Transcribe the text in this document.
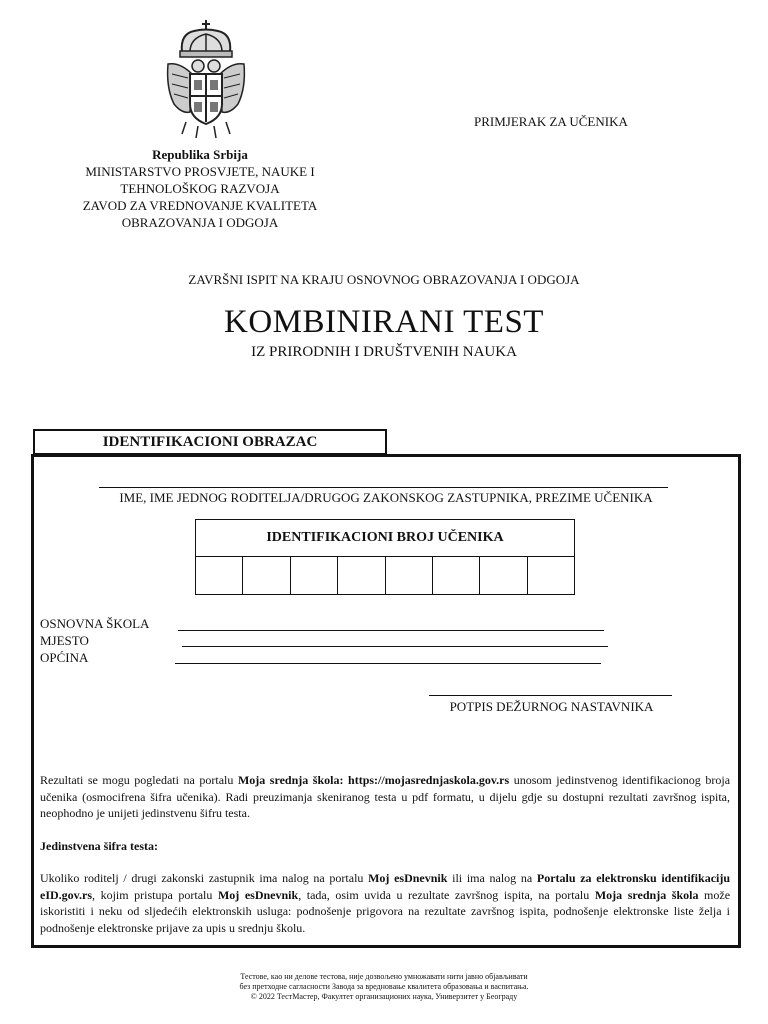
Republika Srbija
MINISTARSTVO PROSVJETE, NAUKE I
TEHNOLOŠKOG RAZVOJA
ZAVOD ZA VREDNOVANJE KVALITETA
OBRAZOVANJA I ODGOJA
PRIMJERAK ZA UČENIKA
ZAVRŠNI ISPIT NA KRAJU OSNOVNOG OBRAZOVANJA I ODGOJA
KOMBINIRANI TEST
IZ PRIRODNIH I DRUŠTVENIH NAUKA
IDENTIFIKACIONI OBRAZAC
IME, IME JEDNOG RODITELJA/DRUGOG ZAKONSKOG ZASTUPNIKA, PREZIME UČENIKA
IDENTIFIKACIONI BROJ UČENIKA
OSNOVNA ŠKOLA
MJESTO
OPĆINA
POTPIS DEŽURNOG NASTAVNIKA
Rezultati se mogu pogledati na portalu Moja srednja škola: https://mojasrednjaskola.gov.rs unosom jedinstvenog identifikacionog broja učenika (osmocifrena šifra učenika). Radi preuzimanja skeniranog testa u pdf formatu, u dijelu gdje su dostupni rezultati završnog ispita, neophodno je unijeti jedinstvenu šifru testa.
Jedinstvena šifra testa:
Ukoliko roditelj / drugi zakonski zastupnik ima nalog na portalu Moj esDnevnik ili ima nalog na Portalu za elektronsku identifikaciju eID.gov.rs, kojim pristupa portalu Moj esDnevnik, tada, osim uvida u rezultate završnog ispita, na portalu Moja srednja škola može iskoristiti i neku od sljedećih elektronskih usluga: podnošenje prigovora na rezultate završnog ispita, podnošenje elektronske liste želja i podnošenje elektronske prijave za upis u srednju školu.
Тестове, као ни делове тестова, није дозвољено умножавати нити јавно објављивати
без претходне сагласности Завода за вредновање квалитета образовања и васпитања.
© 2022 ТестМастер, Факултет организационих наука, Универзитет у Београду
